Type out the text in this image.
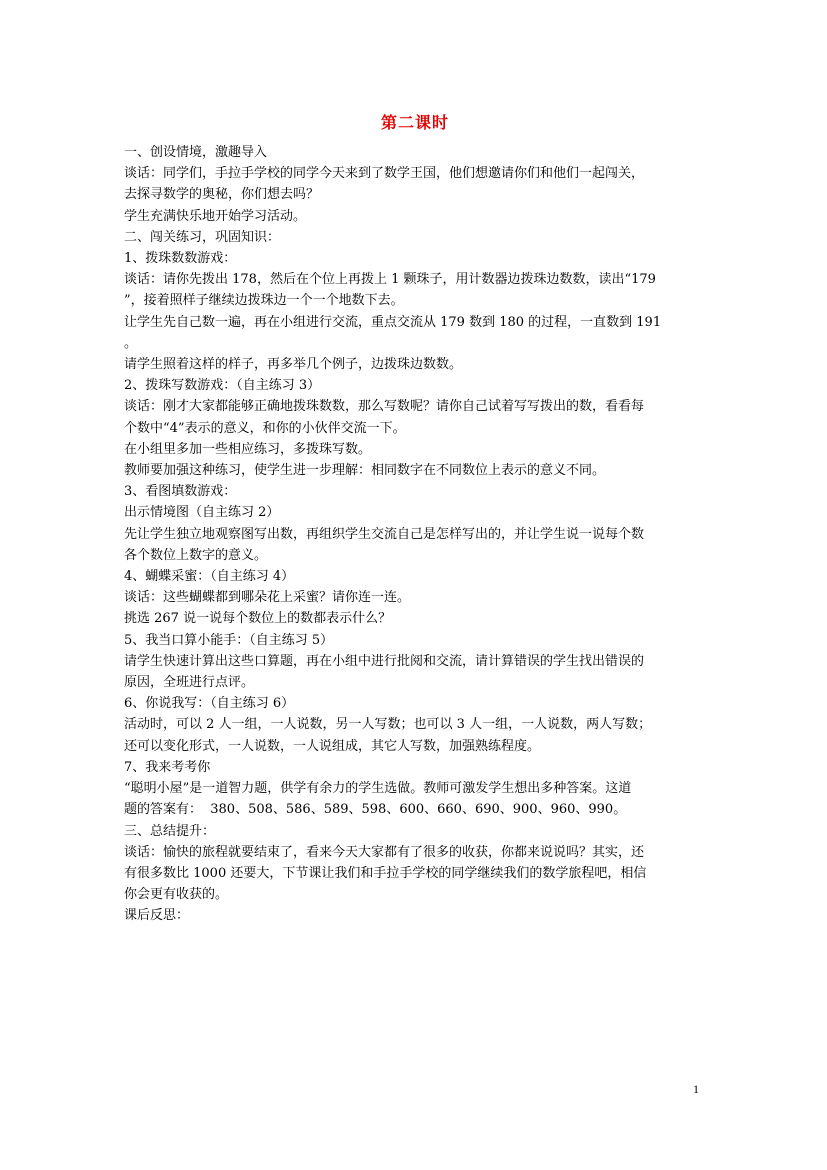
第二课时

一、创设情境，激趣导入

谈话：同学们，手拉手学校的同学今天来到了数学王国，他们想邀请你们和他们一起闯关，

去探寻数学的奥秘，你们想去吗？

学生充满快乐地开始学习活动。

二、闯关练习，巩固知识：

1、拨珠数数游戏：

谈话：请你先拨出 178，然后在个位上再拨上 1 颗珠子，用计数器边拨珠边数数，读出“179

”，接着照样子继续边拨珠边一个一个地数下去。

让学生先自己数一遍，再在小组进行交流，重点交流从 179 数到 180 的过程，一直数到 191

。

请学生照着这样的样子，再多举几个例子，边拨珠边数数。

2、拨珠写数游戏：（自主练习 3）

谈话：刚才大家都能够正确地拨珠数数，那么写数呢？请你自己试着写写拨出的数，看看每

个数中“4”表示的意义，和你的小伙伴交流一下。

在小组里多加一些相应练习，多拨珠写数。

教师要加强这种练习，使学生进一步理解：相同数字在不同数位上表示的意义不同。

3、看图填数游戏：

出示情境图（自主练习 2）

先让学生独立地观察图写出数，再组织学生交流自己是怎样写出的，并让学生说一说每个数

各个数位上数字的意义。

4、蝴蝶采蜜：（自主练习 4）

谈话：这些蝴蝶都到哪朵花上采蜜？请你连一连。

挑选 267 说一说每个数位上的数都表示什么？

5、我当口算小能手：（自主练习 5）

请学生快速计算出这些口算题，再在小组中进行批阅和交流，请计算错误的学生找出错误的

原因，全班进行点评。

6、你说我写：（自主练习 6）

活动时，可以 2 人一组，一人说数，另一人写数；也可以 3 人一组，一人说数，两人写数；

还可以变化形式，一人说数，一人说组成，其它人写数，加强熟练程度。

7、我来考考你

“聪明小屋”是一道智力题，供学有余力的学生选做。教师可激发学生想出多种答案。这道

题的答案有：  380、508、586、589、598、600、660、690、900、960、990。

三、总结提升：

谈话：愉快的旅程就要结束了，看来今天大家都有了很多的收获，你都来说说吗？其实，还

有很多数比 1000 还要大，下节课让我们和手拉手学校的同学继续我们的数学旅程吧，相信

你会更有收获的。

课后反思：

1
